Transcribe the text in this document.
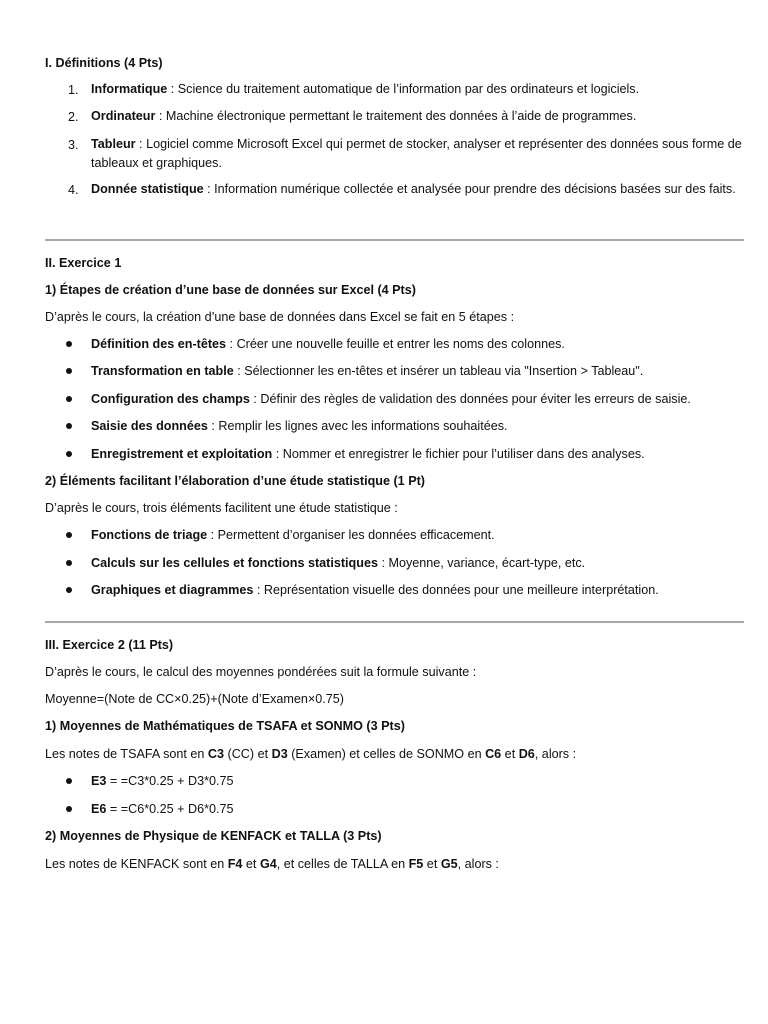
I. Définitions (4 Pts)
1. Informatique : Science du traitement automatique de l’information par des ordinateurs et logiciels.
2. Ordinateur : Machine électronique permettant le traitement des données à l’aide de programmes.
3. Tableur : Logiciel comme Microsoft Excel qui permet de stocker, analyser et représenter des données sous forme de tableaux et graphiques.
4. Donnée statistique : Information numérique collectée et analysée pour prendre des décisions basées sur des faits.
II. Exercice 1
1) Étapes de création d’une base de données sur Excel (4 Pts)
D’après le cours, la création d’une base de données dans Excel se fait en 5 étapes :
Définition des en-têtes : Créer une nouvelle feuille et entrer les noms des colonnes.
Transformation en table : Sélectionner les en-têtes et insérer un tableau via "Insertion > Tableau".
Configuration des champs : Définir des règles de validation des données pour éviter les erreurs de saisie.
Saisie des données : Remplir les lignes avec les informations souhaitées.
Enregistrement et exploitation : Nommer et enregistrer le fichier pour l’utiliser dans des analyses.
2) Éléments facilitant l’élaboration d’une étude statistique (1 Pt)
D’après le cours, trois éléments facilitent une étude statistique :
Fonctions de triage : Permettent d’organiser les données efficacement.
Calculs sur les cellules et fonctions statistiques : Moyenne, variance, écart-type, etc.
Graphiques et diagrammes : Représentation visuelle des données pour une meilleure interprétation.
III. Exercice 2 (11 Pts)
D’après le cours, le calcul des moyennes pondérées suit la formule suivante :
Moyenne=(Note de CC×0.25)+(Note d’Examen×0.75)
1) Moyennes de Mathématiques de TSAFA et SONMO (3 Pts)
Les notes de TSAFA sont en C3 (CC) et D3 (Examen) et celles de SONMO en C6 et D6, alors :
E3 = =C3*0.25 + D3*0.75
E6 = =C6*0.25 + D6*0.75
2) Moyennes de Physique de KENFACK et TALLA (3 Pts)
Les notes de KENFACK sont en F4 et G4, et celles de TALLA en F5 et G5, alors :
